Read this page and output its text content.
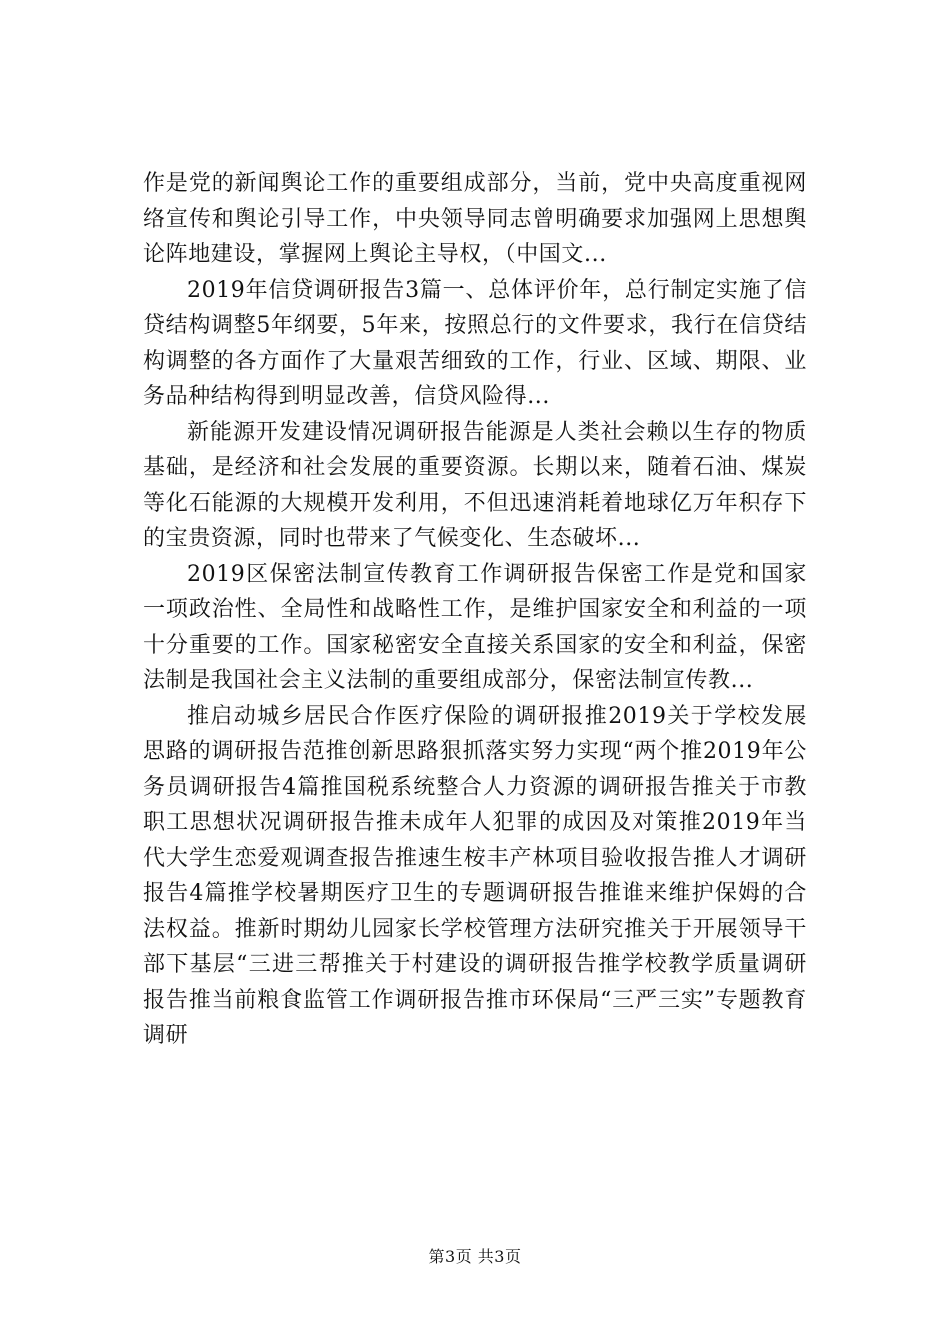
作是党的新闻舆论工作的重要组成部分，当前，党中央高度重视网络宣传和舆论引导工作，中央领导同志曾明确要求加强网上思想舆论阵地建设，掌握网上舆论主导权，（中国文...

2019年信贷调研报告3篇一、总体评价年，总行制定实施了信贷结构调整5年纲要，5年来，按照总行的文件要求，我行在信贷结构调整的各方面作了大量艰苦细致的工作，行业、区域、期限、业务品种结构得到明显改善，信贷风险得...

新能源开发建设情况调研报告能源是人类社会赖以生存的物质基础，是经济和社会发展的重要资源。长期以来，随着石油、煤炭等化石能源的大规模开发利用，不但迅速消耗着地球亿万年积存下的宝贵资源，同时也带来了气候变化、生态破坏...

2019区保密法制宣传教育工作调研报告保密工作是党和国家一项政治性、全局性和战略性工作，是维护国家安全和利益的一项十分重要的工作。国家秘密安全直接关系国家的安全和利益，保密法制是我国社会主义法制的重要组成部分，保密法制宣传教...

推启动城乡居民合作医疗保险的调研报推2019关于学校发展思路的调研报告范推创新思路狠抓落实努力实现“两个推2019年公务员调研报告4篇推国税系统整合人力资源的调研报告推关于市教职工思想状况调研报告推未成年人犯罪的成因及对策推2019年当代大学生恋爱观调查报告推速生桉丰产林项目验收报告推人才调研报告4篇推学校暑期医疗卫生的专题调研报告推谁来维护保姆的合法权益。推新时期幼儿园家长学校管理方法研究推关于开展领导干部下基层“三进三帮推关于村建设的调研报告推学校教学质量调研报告推当前粮食监管工作调研报告推市环保局“三严三实”专题教育调研

第3页 共3页
